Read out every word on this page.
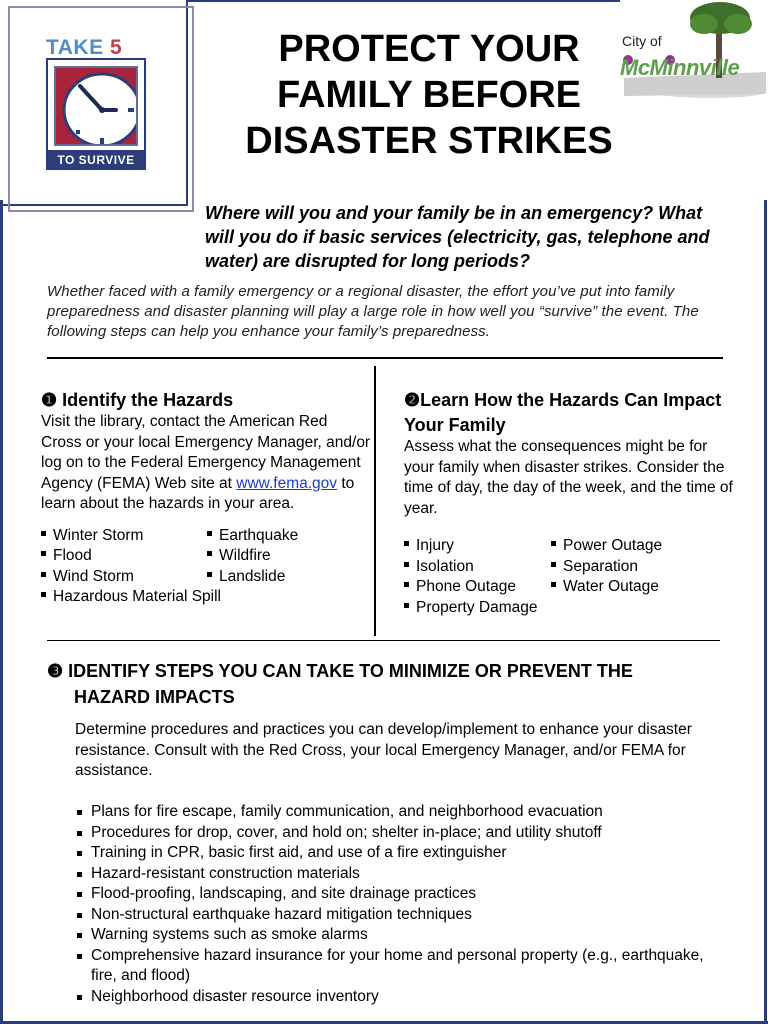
TAKE 5
TO SURVIVE
PROTECT YOUR
FAMILY BEFORE
DISASTER STRIKES
City of
McMinnville
Where will you and your family be in an emergency? What will you do if basic services (electricity, gas, telephone and water) are disrupted for long periods?
Whether faced with a family emergency or a regional disaster, the effort you’ve put into family preparedness and disaster planning will play a large role in how well you “survive” the event. The following steps can help you enhance your family’s preparedness.
❶ Identify the Hazards
Visit the library, contact the American Red Cross or your local Emergency Manager, and/or log on to the Federal Emergency Management Agency (FEMA) Web site at www.fema.gov to learn about the hazards in your area.
Winter Storm
Flood
Wind Storm
Earthquake
Wildfire
Landslide
Hazardous Material Spill
❷Learn How the Hazards Can Impact Your Family
Assess what the consequences might be for your family when disaster strikes. Consider the time of day, the day of the week, and the time of year.
Injury
Isolation
Phone Outage
Power Outage
Separation
Water Outage
Property Damage
❸ IDENTIFY STEPS YOU CAN TAKE TO MINIMIZE OR PREVENT THE
HAZARD IMPACTS
Determine procedures and practices you can develop/implement to enhance your disaster resistance. Consult with the Red Cross, your local Emergency Manager, and/or FEMA for assistance.
Plans for fire escape, family communication, and neighborhood evacuation
Procedures for drop, cover, and hold on; shelter in-place; and utility shutoff
Training in CPR, basic first aid, and use of a fire extinguisher
Hazard-resistant construction materials
Flood-proofing, landscaping, and site drainage practices
Non-structural earthquake hazard mitigation techniques
Warning systems such as smoke alarms
Comprehensive hazard insurance for your home and personal property (e.g., earthquake, fire, and flood)
Neighborhood disaster resource inventory
